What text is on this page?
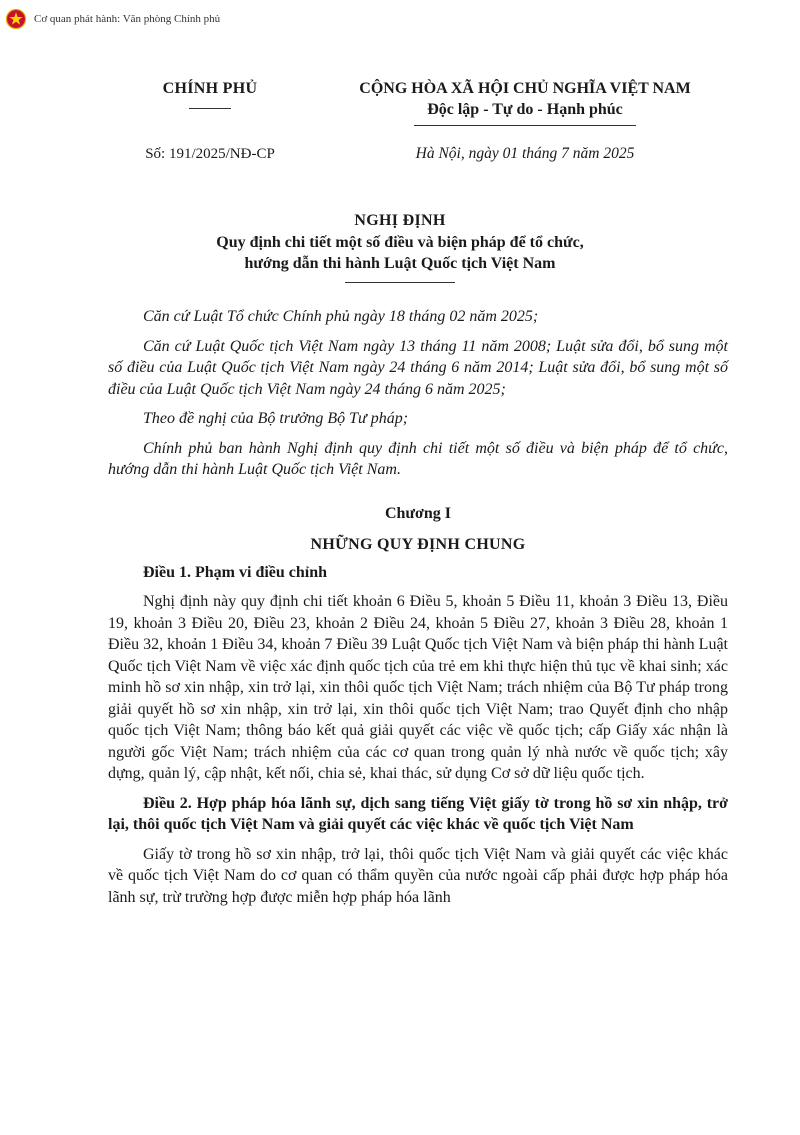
Cơ quan phát hành: Văn phòng Chính phủ

CHÍNH PHỦ	CỘNG HÒA XÃ HỘI CHỦ NGHĨA VIỆT NAM

Độc lập - Tự do - Hạnh phúc

Số: 191/2025/NĐ-CP	Hà Nội, ngày 01 tháng 7 năm 2025

NGHỊ ĐỊNH

Quy định chi tiết một số điều và biện pháp để tổ chức,

hướng dẫn thi hành Luật Quốc tịch Việt Nam

Căn cứ Luật Tổ chức Chính phủ ngày 18 tháng 02 năm 2025;

Căn cứ Luật Quốc tịch Việt Nam ngày 13 tháng 11 năm 2008; Luật sửa đổi, bổ sung một số điều của Luật Quốc tịch Việt Nam ngày 24 tháng 6 năm 2014; Luật sửa đổi, bổ sung một số điều của Luật Quốc tịch Việt Nam ngày 24 tháng 6 năm 2025;

Theo đề nghị của Bộ trưởng Bộ Tư pháp;

Chính phủ ban hành Nghị định quy định chi tiết một số điều và biện pháp để tổ chức, hướng dẫn thi hành Luật Quốc tịch Việt Nam.

Chương I

NHỮNG QUY ĐỊNH CHUNG

Điều 1. Phạm vi điều chỉnh

Nghị định này quy định chi tiết khoản 6 Điều 5, khoản 5 Điều 11, khoản 3 Điều 13, Điều 19, khoản 3 Điều 20, Điều 23, khoản 2 Điều 24, khoản 5 Điều 27, khoản 3 Điều 28, khoản 1 Điều 32, khoản 1 Điều 34, khoản 7 Điều 39 Luật Quốc tịch Việt Nam và biện pháp thi hành Luật Quốc tịch Việt Nam về việc xác định quốc tịch của trẻ em khi thực hiện thủ tục về khai sinh; xác minh hồ sơ xin nhập, xin trở lại, xin thôi quốc tịch Việt Nam; trách nhiệm của Bộ Tư pháp trong giải quyết hồ sơ xin nhập, xin trở lại, xin thôi quốc tịch Việt Nam; trao Quyết định cho nhập quốc tịch Việt Nam; thông báo kết quả giải quyết các việc về quốc tịch; cấp Giấy xác nhận là người gốc Việt Nam; trách nhiệm của các cơ quan trong quản lý nhà nước về quốc tịch; xây dựng, quản lý, cập nhật, kết nối, chia sẻ, khai thác, sử dụng Cơ sở dữ liệu quốc tịch.

Điều 2. Hợp pháp hóa lãnh sự, dịch sang tiếng Việt giấy tờ trong hồ sơ xin nhập, trở lại, thôi quốc tịch Việt Nam và giải quyết các việc khác về quốc tịch Việt Nam

Giấy tờ trong hồ sơ xin nhập, trở lại, thôi quốc tịch Việt Nam và giải quyết các việc khác về quốc tịch Việt Nam do cơ quan có thẩm quyền của nước ngoài cấp phải được hợp pháp hóa lãnh sự, trừ trường hợp được miễn hợp pháp hóa lãnh
